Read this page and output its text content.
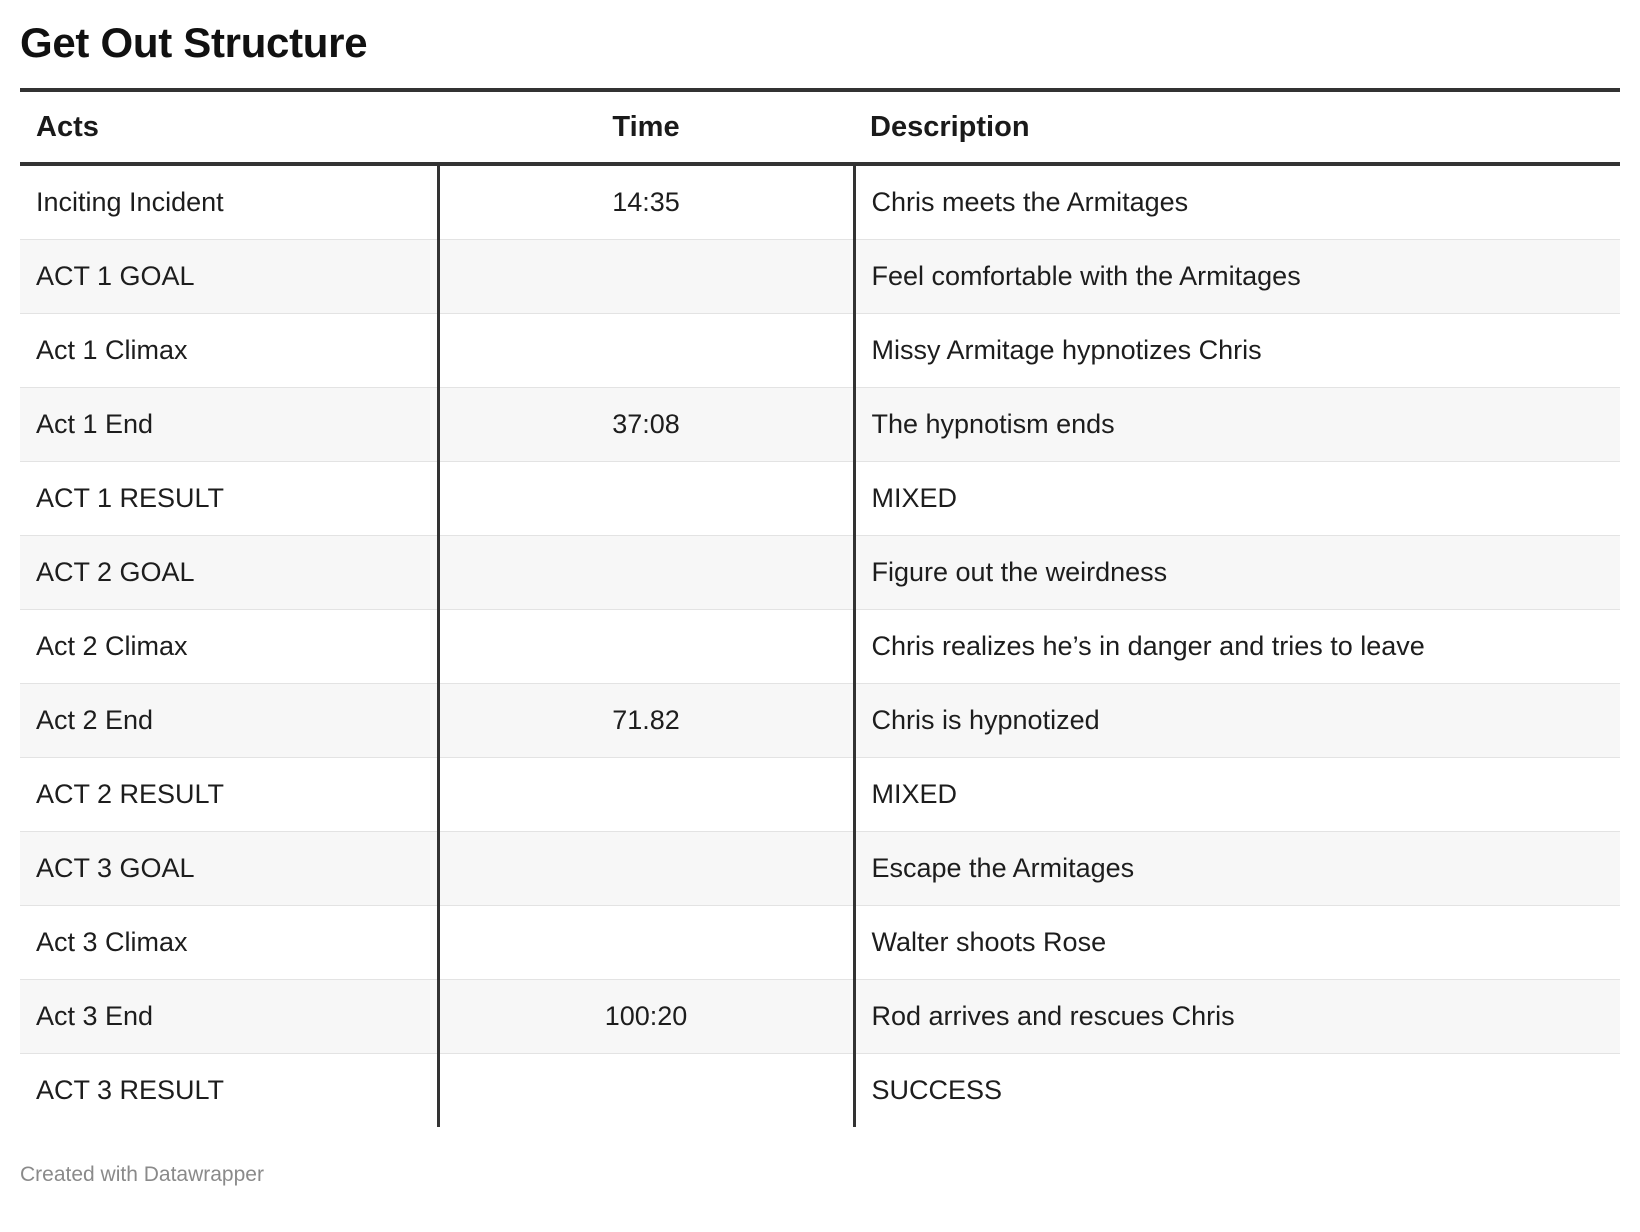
Get Out Structure
Acts	Time	Description
Inciting Incident	14:35	Chris meets the Armitages
ACT 1 GOAL		Feel comfortable with the Armitages
Act 1 Climax		Missy Armitage hypnotizes Chris
Act 1 End	37:08	The hypnotism ends
ACT 1 RESULT		MIXED
ACT 2 GOAL		Figure out the weirdness
Act 2 Climax		Chris realizes he’s in danger and tries to leave
Act 2 End	71.82	Chris is hypnotized
ACT 2 RESULT		MIXED
ACT 3 GOAL		Escape the Armitages
Act 3 Climax		Walter shoots Rose
Act 3 End	100:20	Rod arrives and rescues Chris
ACT 3 RESULT		SUCCESS
Created with Datawrapper
